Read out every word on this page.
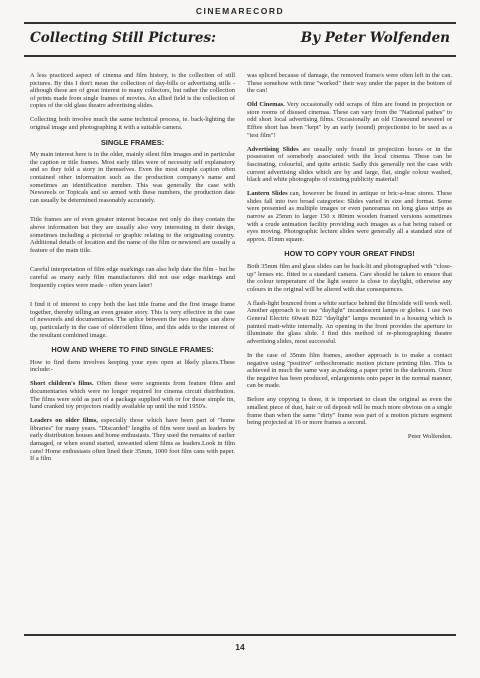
CINEMARECORD
Collecting Still Pictures:	By Peter Wolfenden

A less practiced aspect of cinema and film history, is the collection of still pictures. By this I don't mean the collection of day-bills or advertising stills - although these are of great interest to many collectors, but rather the collection of prints made from single frames of movies. An allied field is the collection of copies of the old glass theatre advertising slides.

Collecting both involve much the same technical process, ie. back-lighting the original image and photographing it with a suitable camera.

SINGLE FRAMES:

My main interest here is in the older, mainly silent film images and in particular the caption or title frames. Most early titles were of necessity self explanatory and so they told a story in themselves. Even the most simple caption often contained other information such as the production company's name and sometimes an identification number. This was generally the case with Newsreels or Topicals and so armed with these numbers, the production date can usually be determined reasonably accurately.

Title frames are of even greater interest because not only do they contain the above information but they are usually also very interesting in their design, sometimes including a pictorial or graphic relating to the originating country. Additional details of location and the name of the film or newsreel are usually a feature of the main title.

Careful interpretation of film edge markings can also help date the film - but be careful as many early film manufacturers did not use edge markings and frequently copies were made - often years later!

I find it of interest to copy both the last title frame and the first image frame together, thereby telling an even greater story. This is very effective in the case of newsreels and documentaries. The splice between the two images can show up, particularly in the case of older/silent films, and this adds to the interest of the resultant combined image.

HOW AND WHERE TO FIND SINGLE FRAMES:

How to find them involves keeping your eyes open at likely places.These include:-

Short children's films. Often these were segments from feature films and documentaries which were no longer required for cinema circuit distribution. The films were sold as part of a package supplied with or for those simple tin, hand cranked toy projectors readily available up until the mid 1950's.

Leaders on older films, especially those which have been part of "home libraries" for many years. "Discarded" lengths of film were used as leaders by early distribution houses and home enthusiasts. They used the remains of earlier damaged, or when sound started, unwanted silent films as leaders.Look in film cans! Home enthusiasts often lined their 35mm, 1000 foot film cans with paper. If a film

was spliced because of damage, the removed frame/s were often left in the can. These somehow with time "worked" their way under the paper in the bottom of the can!

Old Cinemas. Very occasionally odd scraps of film are found in projection or store rooms of disused cinemas. These can vary from the "National pathes" to odd short local advertising films. Occasionally an old Cinesound newsreel or Efftee short has been "kept" by an early (sound) projectionist to be used as a "test film"!

Advertising Slides are usually only found in projection boxes or in the possession of somebody associated with the local cinema. These can be fascinating, colourful, and quite artistic Sadly this generally not the case with current advertising slides which are by and large, flat, single colour washed, black and white photographs of existing publicity material!

Lantern Slides can, however be found in antique or bric-a-brac stores. These slides fall into two broad categories: Slides varied in size and format. Some were presented as multiple images or even panoramas on long glass strips as narrow as 25mm to larger 150 x 80mm wooden framed versions sometimes with a crude animation facility providing such images as a hat being raised or eyes moving. Photographic lecture slides were generally all a standard size of approx. 81mm square.

HOW TO COPY YOUR GREAT FINDS!

Both 35mm film and glass slides can be back-lit and photographed with "close-up" lenses etc. fitted to a standard camera. Care should be taken to ensure that the colour temperature of the light source is close to daylight, otherwise any colours in the original will be altered with due consequences.

A flash-light bounced from a white surface behind the film/slide will work well. Another approach is to use "daylight" incandescent lamps or globes. I use two General Electric 60watt B22 "daylight" lamps mounted in a housing which is painted matt-white internally. An opening in the front provides the aperture to illuminate the glass slide. I find this method of re-photographing theatre advertising slides, most successful.

In the case of 35mm film frames, another approach is to make a contact negative using "positive" orthochromatic motion picture printing film. This is achieved in much the same way as,making a paper print in the darkroom. Once the negative has been produced, enlargements onto paper in the normal manner, can be made.

Before any copying is done, it is important to clean the original as even the smallest piece of dust, hair or oil deposit will be much more obvious on a single frame than when the same "dirty" frame was part of a motion picture segment being projected at 16 or more frames a second.

Peter Wolfenden.

14
